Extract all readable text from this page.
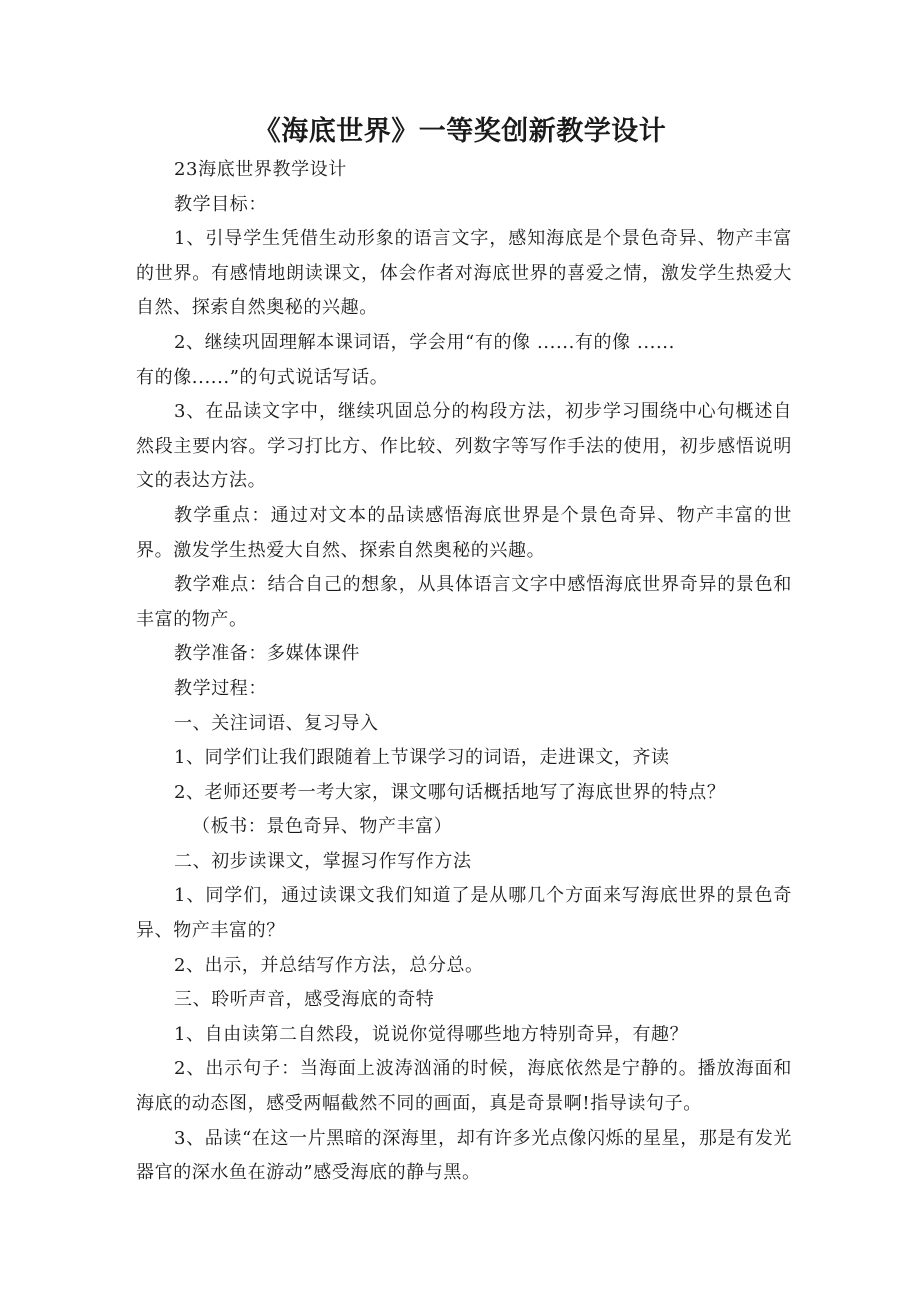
《海底世界》一等奖创新教学设计

23海底世界教学设计

教学目标：

1、引导学生凭借生动形象的语言文字，感知海底是个景色奇异、物产丰富的世界。有感情地朗读课文，体会作者对海底世界的喜爱之情，激发学生热爱大自然、探索自然奥秘的兴趣。

2、继续巩固理解本课词语，学会用“有的像 ......有的像 ......

有的像......”的句式说话写话。

3、在品读文字中，继续巩固总分的构段方法，初步学习围绕中心句概述自然段主要内容。学习打比方、作比较、列数字等写作手法的使用，初步感悟说明文的表达方法。

教学重点：通过对文本的品读感悟海底世界是个景色奇异、物产丰富的世界。激发学生热爱大自然、探索自然奥秘的兴趣。

教学难点：结合自己的想象，从具体语言文字中感悟海底世界奇异的景色和丰富的物产。

教学准备：多媒体课件

教学过程：

一、关注词语、复习导入

1、同学们让我们跟随着上节课学习的词语，走进课文，齐读

2、老师还要考一考大家，课文哪句话概括地写了海底世界的特点？

（板书：景色奇异、物产丰富）

二、初步读课文，掌握习作写作方法

1、同学们，通过读课文我们知道了是从哪几个方面来写海底世界的景色奇异、物产丰富的？

2、出示，并总结写作方法，总分总。

三、聆听声音，感受海底的奇特

1、自由读第二自然段，说说你觉得哪些地方特别奇异，有趣？

2、出示句子：当海面上波涛汹涌的时候，海底依然是宁静的。播放海面和海底的动态图，感受两幅截然不同的画面，真是奇景啊!指导读句子。

3、品读“在这一片黑暗的深海里，却有许多光点像闪烁的星星，那是有发光器官的深水鱼在游动”感受海底的静与黑。
